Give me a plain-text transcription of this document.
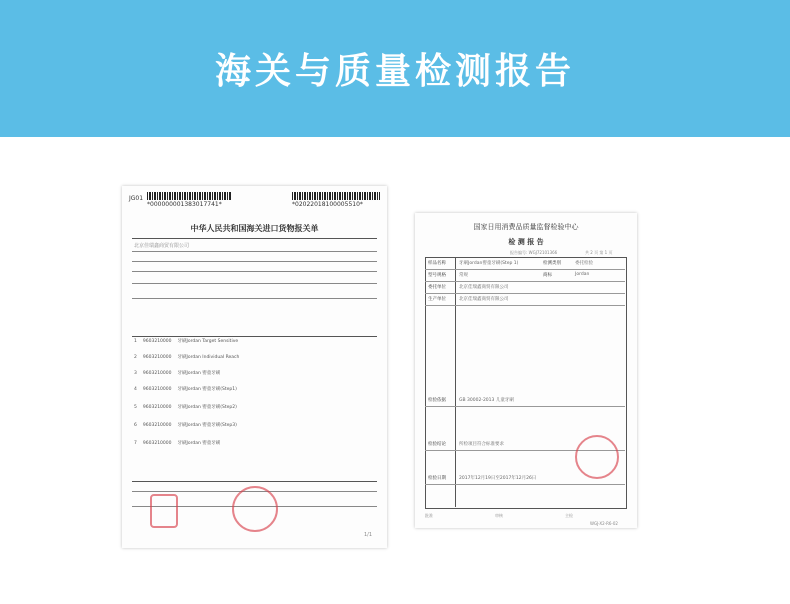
海关与质量检测报告
JG01
*000000001383017741*	*02022018100005510*
中华人民共和国海关进口货物报关单
北京佳瑞鑫商贸有限公司
1 9603210000 牙刷Jordan Target Sensitive
2 9603210000 牙刷Jordan Individual Reach
3 9603210000 牙刷Jordan 婴童牙刷
4 9603210000 牙刷Jordan 婴童牙刷(Step1)
5 9603210000 牙刷Jordan 婴童牙刷(Step2)
6 9603210000 牙刷Jordan 婴童牙刷(Step3)
7 9603210000 牙刷Jordan 婴童牙刷
1/1
国家日用消费品质量监督检验中心
检 测 报 告
报告编号: WGJ72101366	共 2 页 第 1 页
样品名称	牙刷Jordan婴童牙刷(Step 1)	检测类别	委托检验
型号规格	常规	商标	Jordan
委托单位	北京佳瑞鑫商贸有限公司
生产单位	北京佳瑞鑫商贸有限公司
检验依据	GB 30002-2013 儿童牙刷
检验结论	所检项目符合标准要求
检验日期	2017年12月19日至2017年12月26日
批准	审核	主检
WGJ-X2-R6-02
